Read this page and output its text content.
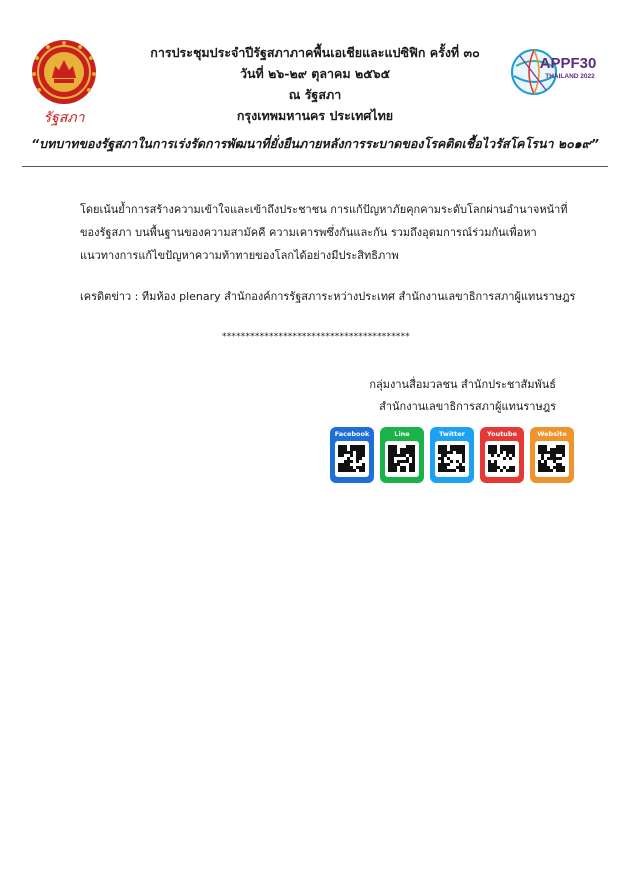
รัฐสภา
การประชุมประจำปีรัฐสภาภาคพื้นเอเชียและแปซิฟิก ครั้งที่ ๓๐
วันที่ ๒๖-๒๙ ตุลาคม ๒๕๖๕
ณ รัฐสภา
กรุงเทพมหานคร ประเทศไทย
APPF30
THAILAND 2022
“บทบาทของรัฐสภาในการเร่งรัดการพัฒนาที่ยั่งยืนภายหลังการระบาดของโรคติดเชื้อไวรัสโคโรนา ๒๐๑๙”
โดยเน้นย้ำการสร้างความเข้าใจและเข้าถึงประชาชน การแก้ปัญหาภัยคุกคามระดับโลกผ่านอำนาจหน้าที่
ของรัฐสภา บนพื้นฐานของความสามัคคี ความเคารพซึ่งกันและกัน รวมถึงอุดมการณ์ร่วมกันเพื่อหา
แนวทางการแก้ไขปัญหาความท้าทายของโลกได้อย่างมีประสิทธิภาพ
เครดิตข่าว : ทีมห้อง plenary สำนักองค์การรัฐสภาระหว่างประเทศ สำนักงานเลขาธิการสภาผู้แทนราษฎร
****************************************
กลุ่มงานสื่อมวลชน สำนักประชาสัมพันธ์
สำนักงานเลขาธิการสภาผู้แทนราษฎร
Facebook	Line	Twitter	Youtube	Website
